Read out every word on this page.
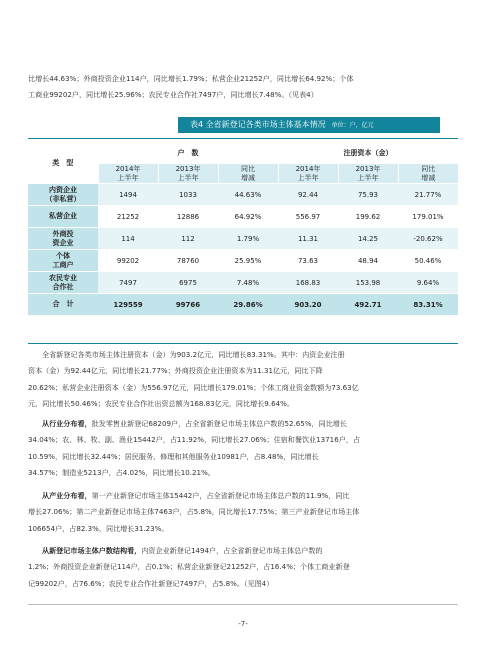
比增长44.63%；外商投资企业114户，同比增长1.79%；私营企业21252户，同比增长64.92%；个体
工商业99202户，同比增长25.96%；农民专业合作社7497户，同比增长7.48%。（见表4）
表4 全省新登记各类市场主体基本情况 单位：户，亿元
类　型	户　数			注册资本（金）		
	2014年
上半年	2013年
上半年	同比
增减	2014年
上半年	2013年
上半年	同比
增减
内资企业
（非私营）	1494	1033	44.63%	92.44	75.93	21.77%
私营企业	21252	12886	64.92%	556.97	199.62	179.01%
外商投
资企业	114	112	1.79%	11.31	14.25	-20.62%
个体
工商户	99202	78760	25.95%	73.63	48.94	50.46%
农民专业
合作社	7497	6975	7.48%	168.83	153.98	9.64%
合　计	129559	99766	29.86%	903.20	492.71	83.31%
全省新登记各类市场主体注册资本（金）为903.2亿元，同比增长83.31%。其中：内资企业注册
资本（金）为92.44亿元，同比增长21.77%；外商投资企业注册资本为11.31亿元，同比下降
20.62%；私营企业注册资本（金）为556.97亿元，同比增长179.01%；个体工商业资金数额为73.63亿
元，同比增长50.46%；农民专业合作社出资总额为168.83亿元，同比增长9.64%。
从行业分布看，批发零售业新登记68209户，占全省新登记市场主体总户数的52.65%，同比增长
34.04%；农、林、牧、副、渔业15442户，占11.92%，同比增长27.06%；住宿和餐饮业13716户，占
10.59%，同比增长32.44%；居民服务、修理和其他服务业10981户，占8.48%，同比增长
34.57%；制造业5213户，占4.02%，同比增长10.21%。
从产业分布看，第一产业新登记市场主体15442户，占全省新登记市场主体总户数的11.9%，同比
增长27.06%；第二产业新登记市场主体7463户，占5.8%，同比增长17.75%；第三产业新登记市场主体
106654户，占82.3%，同比增长31.23%。
从新登记市场主体户数结构看，内资企业新登记1494户，占全省新登记市场主体总户数的
1.2%；外商投资企业新登记114户，占0.1%；私营企业新登记21252户，占16.4%；个体工商业新登
记99202户，占76.6%；农民专业合作社新登记7497户，占5.8%。（见图4）
-7-
